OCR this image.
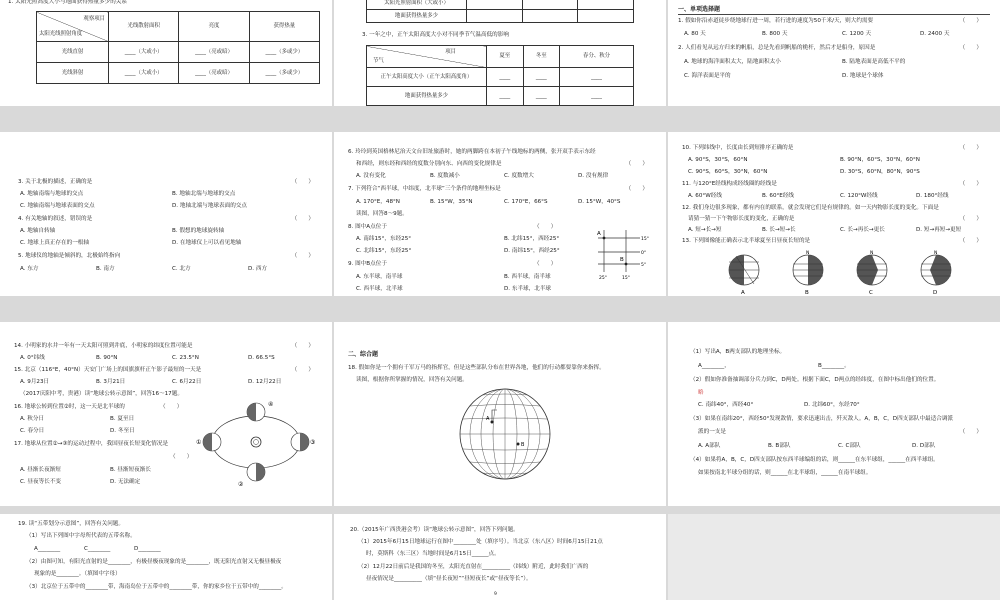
1. 太阳光照高度大小与地面获得热量多少的关系
观察项目
太阳光线照射角度	光线散射面积	亮度	获得热量
光线直射	____（大或小）	____（亮或暗）	____（多或少）
光线斜射	____（大或小）	____（亮或暗）	____（多或少）
太阳光照射面积（大或小）			
地面获得热量多少			
3. 一年之中，正午太阳高度大小对不同季节气温高低的影响
项目
节气	夏至	冬至	春分、秋分
正午太阳高度大小（正午太阳高度角）	____	____	____
地面获得热量多少	____	____	____
一、单项选择题
1. 假如你沿赤道徒步绕地球行进一周，若行进的速度为50千米/天，则大约需要	（　　）
A. 80 天	B. 800 天	C. 1200 天	D. 2400 天
2. 人们看见从远方归来的帆船，总是先看到帆船的桅杆，然后才是船身，原因是	（　　）
A. 地球的海洋面积太大，陆地面积太小	B. 陆地表面是高低不平的
C. 海洋表面是平的	D. 地球是个球体
3. 关于北极的描述，正确的是	（　　）
A. 地轴南端与地球的交点	B. 地轴北端与地球的交点
C. 地轴南端与地球表面的交点	D. 地轴北端与地球表面的交点
4. 有关地轴的叙述，错误的是	（　　）
A. 地轴自转轴	B. 假想的地球旋转轴
C. 地球上真正存在的一根轴	D. 在地球仪上可以看见地轴
5. 地球仪的地轴是倾斜的，北极始终指向	（　　）
A. 东方	B. 南方	C. 北方	D. 西方
6. 玲玲到英国格林尼治天文台旧址旅游时，她的两脚跨在本初子午线地标的两侧，张开双手表示东经
和西经，则东经和西经的度数分别向东、向西的变化规律是	（　　）
A. 没有变化	B. 度数减小	C. 度数增大	D. 没有规律
7. 下列符合“西半球，中纬度，北半球”三个条件的地理坐标是	（　　）
A. 170°E，48°N	B. 15°W，35°N	C. 170°E，66°S	D. 15°W，40°S
读图，回答8～9题。
8. 图中A点位于	（　　）
A. 南纬15°，东经25°	B. 北纬15°，西经25°
C. 北纬15°，东经25°	D. 南纬15°，西经25°
9. 图中B点位于	（　　）
A. 东半球，南半球	B. 西半球，南半球
C. 西半球，北半球	D. 东半球，北半球
A
B
15°
0°
5°
25°	15°
10. 下列纬线中，长度由长到短排序正确的是	（　　）
A. 90°S，30°S，60°N	B. 90°N，60°S，30°N，60°N
C. 90°S，60°S，30°N，60°N	D. 30°S，60°N，80°N，90°S
11. 与120°E经线构成经线圈的经线是	（　　）
A. 60°W经线	B. 60°E经线	C. 120°W经线	D. 180°经线
12. 我们身边很多现象，都有内在的联系，就会发现它们是有规律的。如一天内物影长度的变化。下面是
请猜一猜一下午物影长度的变化，正确的是	（　　）
A. 短→长→短	B. 长→短→长	C. 长→再长→更长	D. 短→再短→更短
13. 下列图像能正确表示北半球夏至日昼夜长短的是	（　　）
A
N
B
N
C
N
D
14. 小明家的水井一年有一天太阳可照到井底，小明家的纬度位置可能是	（　　）
A. 0°纬线	B. 90°N	C. 23.5°N	D. 66.5°S
15. 北京（116°E，40°N）天安门广场上的国旗旗杆正午影子最短的一天是	（　　）
A. 9月23日	B. 3月21日	C. 6月22日	D. 12月22日
（2017庆阳中考，贵港）读“地球公转示意图”，回答16～17题。
16. 地球公转到位置②时，这一天是北半球的	（　　）
A. 秋分日	B. 夏至日
C. 春分日	D. 冬至日
17. 地球从位置②→③的运动过程中，我国昼夜长短变化情况是
（　　）
A. 昼渐长夜渐短	B. 昼渐短夜渐长
C. 昼夜等长不变	D. 无法确定
①
②
③
④
二、综合题
18. 假如你是一个拥有千军万马的指挥官，但是这些部队分布在世界各地，他们的行动都要靠你来指挥。
读图，根据你所掌握的情况，回答有关问题。
A
B
（1）写出A，B两支部队的地理坐标。
A________，	B________。
（2）假如你准备抽调部分兵力到C，D两处。根据下面C，D两点的经纬度，在图中标出他们的位置。
略
C. 南纬40°，西经40°	D. 北纬60°，东经70°
（3）如果在南纬20°，西经50°发现敌情，要求迅速出击，歼灭敌人。A，B，C，D四支部队中最适合调派
派的一支是	（　　）
A. A部队	B. B部队	C. C部队	D. D部队
（4）如果将A，B，C，D四支部队按东西半球编组的话，则______在东半球组，______在西半球组。
如果按南北半球分组的话，则______在北半球组，______在南半球组。
19. 读“五带划分示意图”，回答有关问题。
（1）写出下列图中字母所代表的五带名称。
A________	C________	D________
（2）由图可知，有阳光直射的是________，有极昼极夜现象的是________，既无阳光直射又无极昼极夜
现象的是________。（填图中字母）
（3）北京位于五带中的________带，海南岛位于五带中的________带，你的家乡位于五带中的________。
20.（2015年广西贵港会考）读“地球公转示意图”，回答下列问题。
（1）2015年6月15日地球运行在图中________处（填序号）。当北京（东八区）时间6月15日21点
时，莫斯科（东三区）当地时间是6月15日______点。
（2）12月22日前后是我国的冬至，太阳光直射在__________（纬线）附近，此时我们广西的
昼夜情况是__________（填“昼长夜短”“昼短夜长”或“昼夜等长”）。
9
